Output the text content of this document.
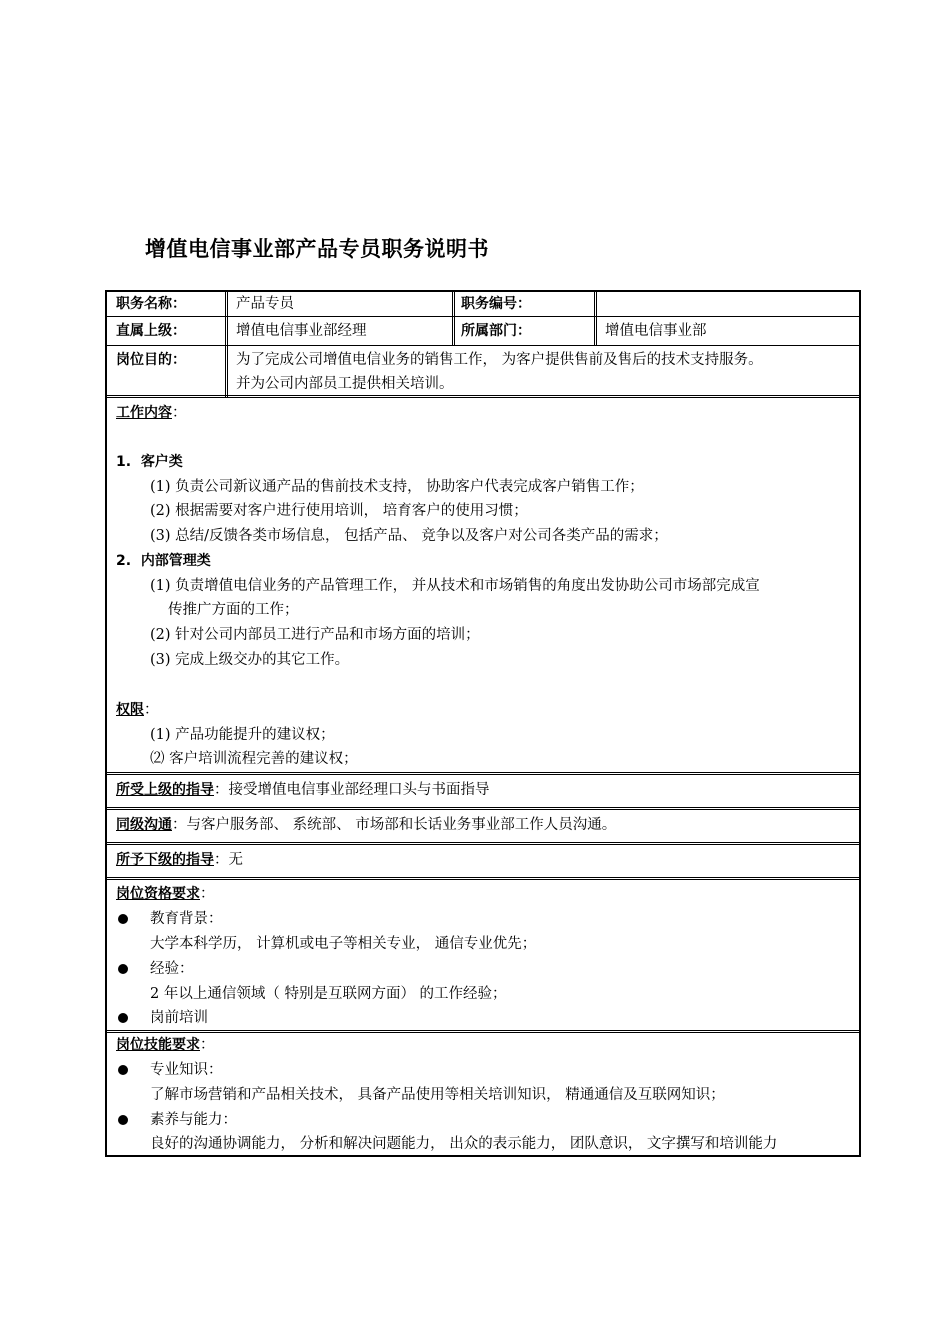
增值电信事业部产品专员职务说明书
职务名称：	产品专员	职务编号：
直属上级：	增值电信事业部经理	所属部门：	增值电信事业部
岗位目的：	为了完成公司增值电信业务的销售工作， 为客户提供售前及售后的技术支持服务。
并为公司内部员工提供相关培训。
工作内容：
1. 客户类
(1) 负责公司新议通产品的售前技术支持， 协助客户代表完成客户销售工作；
(2) 根据需要对客户进行使用培训， 培育客户的使用习惯；
(3) 总结/反馈各类市场信息， 包括产品、 竞争以及客户对公司各类产品的需求；
2. 内部管理类
(1) 负责增值电信业务的产品管理工作， 并从技术和市场销售的角度出发协助公司市场部完成宣
传推广方面的工作；
(2) 针对公司内部员工进行产品和市场方面的培训；
(3) 完成上级交办的其它工作。
权限：
(1) 产品功能提升的建议权；
⑵ 客户培训流程完善的建议权；
所受上级的指导：接受增值电信事业部经理口头与书面指导
同级沟通：与客户服务部、 系统部、 市场部和长话业务事业部工作人员沟通。
所予下级的指导：无
岗位资格要求：
教育背景：
大学本科学历， 计算机或电子等相关专业， 通信专业优先；
经验：
2 年以上通信领域（ 特别是互联网方面） 的工作经验；
岗前培训
岗位技能要求：
专业知识：
了解市场营销和产品相关技术， 具备产品使用等相关培训知识， 精通通信及互联网知识；
素养与能力：
良好的沟通协调能力， 分析和解决问题能力， 出众的表示能力， 团队意识， 文字撰写和培训能力
